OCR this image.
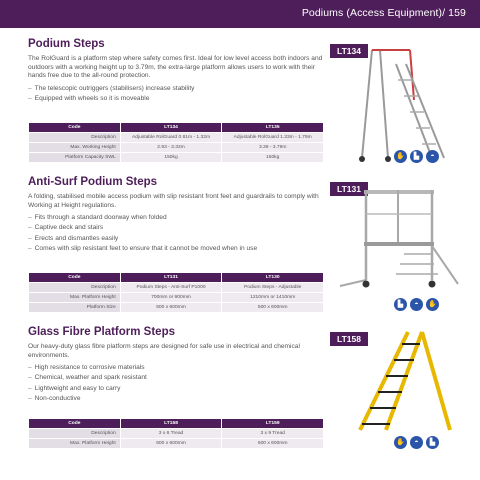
Podiums (Access Equipment)/ 159
Podium Steps
The RolGuard is a platform step where safety comes first. Ideal for low level access both indoors and outdoors with a working height up to 3.79m, the extra-large platform allows users to work with their hands free due to the all-round protection.
– The telescopic outriggers (stabilisers) increase stability
– Equipped with wheels so it is moveable
Code	LT134	LT135
Description	Adjustable RolGuard 0.81m - 1.32m	Adjustable RolGuard 1.33m - 1.79m
Max. Working Height	2.93 - 3.32m	3.39 - 3.79m
Platform Capacity SWL	150kg	150kg
LT134
✋	▙	◓
Anti-Surf Podium Steps
A folding, stabilised mobile access podium with slip resistant front feet and guardrails to comply with Working at Height regulations.
– Fits through a standard doorway when folded
– Captive deck and stairs
– Erects and dismantles easily
– Comes with slip resistant feet to ensure that it cannot be moved when in use
Code	LT131	LT130
Description	Podium Steps - Anti-Surf P1000	Podium Steps - Adjustable
Max. Platform Height	700mm or 900mm	1210mm or 1410mm
Platform Size	500 x 600mm	500 x 600mm
LT131
▙	◓	✋
Glass Fibre Platform Steps
Our heavy-duty glass fibre platform steps are designed for safe use in electrical and chemical environments.
– High resistance to corrosive materials
– Chemical, weather and spark resistant
– Lightweight and easy to carry
– Non-conductive
Code	LT158	LT159
Description	3 x 6 Tread	3 x 9 Tread
Max. Platform Height	600 x 600mm	600 x 600mm
LT158
✋	◓	▙
